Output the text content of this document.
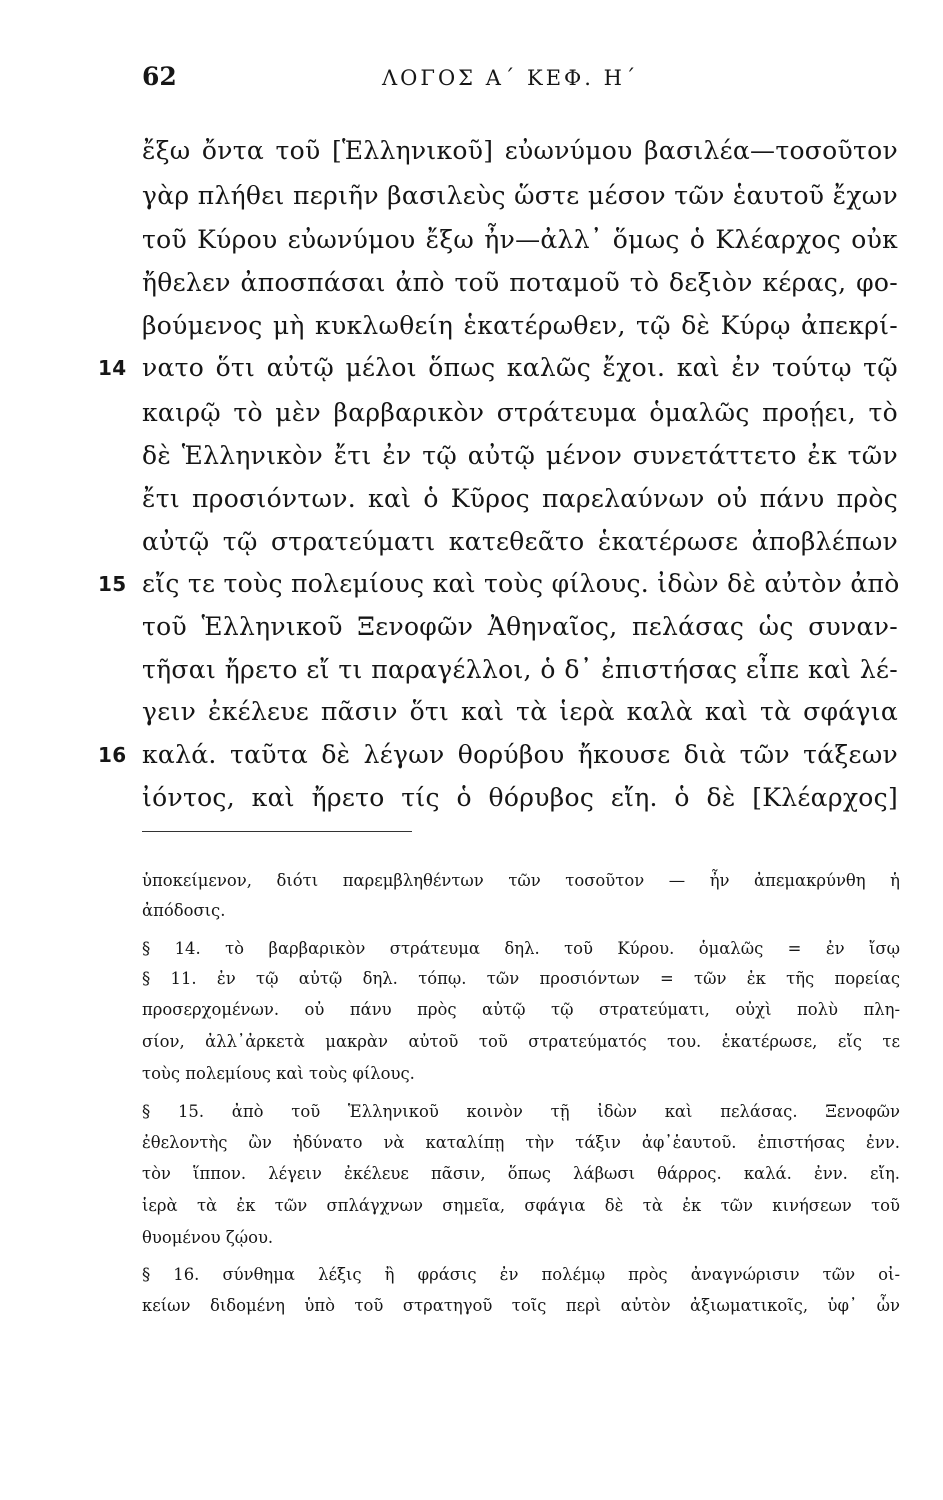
62	ΛΟΓΟΣ Α΄ ΚΕΦ. Η΄
ἔξω ὄντα τοῦ [Ἑλληνικοῦ] εὐωνύμου βασιλέα—τοσοῦτον
γὰρ πλήθει περιῆν βασιλεὺς ὥστε μέσον τῶν ἑαυτοῦ ἔχων
τοῦ Κύρου εὐωνύμου ἔξω ἦν—ἀλλ᾽ ὅμως ὁ Κλέαρχος οὐκ
ἤθελεν ἀποσπάσαι ἀπὸ τοῦ ποταμοῦ τὸ δεξιὸν κέρας, φο-
βούμενος μὴ κυκλωθείη ἑκατέρωθεν, τῷ δὲ Κύρῳ ἀπεκρί-
14 νατο ὅτι αὐτῷ μέλοι ὅπως καλῶς ἔχοι. καὶ ἐν τούτῳ τῷ
καιρῷ τὸ μὲν βαρβαρικὸν στράτευμα ὁμαλῶς προῄει, τὸ
δὲ Ἑλληνικὸν ἔτι ἐν τῷ αὐτῷ μένον συνετάττετο ἐκ τῶν
ἔτι προσιόντων. καὶ ὁ Κῦρος παρελαύνων οὐ πάνυ πρὸς
αὐτῷ τῷ στρατεύματι κατεθεᾶτο ἑκατέρωσε ἀποβλέπων
15 εἴς τε τοὺς πολεμίους καὶ τοὺς φίλους. ἰδὼν δὲ αὐτὸν ἀπὸ
τοῦ Ἑλληνικοῦ Ξενοφῶν Ἀθηναῖος, πελάσας ὡς συναν-
τῆσαι ἤρετο εἴ τι παραγέλλοι, ὁ δ᾽ ἐπιστήσας εἶπε καὶ λέ-
γειν ἐκέλευε πᾶσιν ὅτι καὶ τὰ ἱερὰ καλὰ καὶ τὰ σφάγια
16 καλά. ταῦτα δὲ λέγων θορύβου ἤκουσε διὰ τῶν τάξεων
ἰόντος, καὶ ἤρετο τίς ὁ θόρυβος εἴη. ὁ δὲ [Κλέαρχος]
ὑποκείμενον, διότι παρεμβληθέντων τῶν τοσοῦτον — ἦν ἀπεμακρύνθη ἡ
ἀπόδοσις.
§ 14. τὸ βαρβαρικὸν στράτευμα δηλ. τοῦ Κύρου. ὁμαλῶς = ἐν ἴσῳ
§ 11. ἐν τῷ αὐτῷ δηλ. τόπῳ. τῶν προσιόντων = τῶν ἐκ τῆς πορείας
προσερχομένων. οὐ πάνυ πρὸς αὐτῷ τῷ στρατεύματι, οὐχὶ πολὺ πλη-
σίον, ἀλλ᾽ἀρκετὰ μακρὰν αὐτοῦ τοῦ στρατεύματός του. ἑκατέρωσε, εἴς τε
τοὺς πολεμίους καὶ τοὺς φίλους.
§ 15. ἀπὸ τοῦ Ἑλληνικοῦ κοινὸν τῇ ἰδὼν καὶ πελάσας. Ξενοφῶν
ἐθελοντὴς ὢν ἠδύνατο νὰ καταλίπῃ τὴν τάξιν ἀφ᾽ἑαυτοῦ. ἐπιστήσας ἐνν.
τὸν ἵππον. λέγειν ἐκέλευε πᾶσιν, ὅπως λάβωσι θάρρος. καλά. ἐνν. εἴη.
ἱερὰ τὰ ἐκ τῶν σπλάγχνων σημεῖα, σφάγια δὲ τὰ ἐκ τῶν κινήσεων τοῦ
θυομένου ζῴου.
§ 16. σύνθημα λέξις ἢ φράσις ἐν πολέμῳ πρὸς ἀναγνώρισιν τῶν οἰ-
κείων διδομένη ὑπὸ τοῦ στρατηγοῦ τοῖς περὶ αὐτὸν ἀξιωματικοῖς, ὑφ᾽ ὧν
